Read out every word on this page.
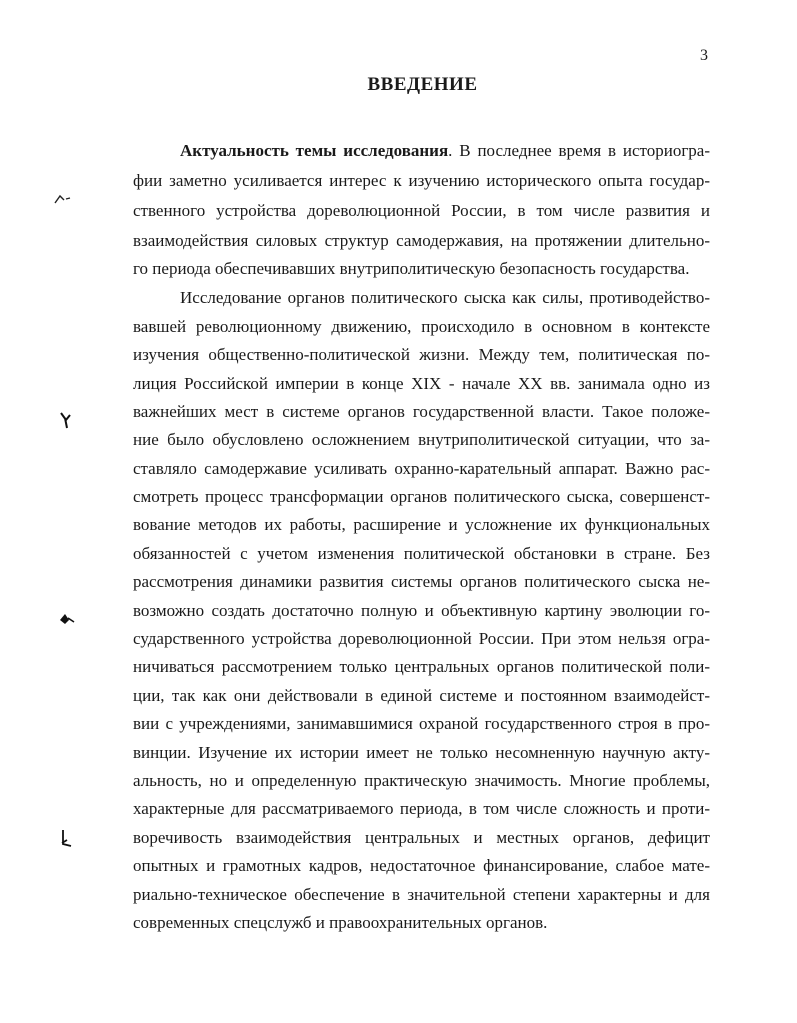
3
ВВЕДЕНИЕ
Актуальность темы исследования. В последнее время в историогра-
фии заметно усиливается интерес к изучению исторического опыта государ-
ственного устройства дореволюционной России, в том числе развития и
взаимодействия силовых структур самодержавия, на протяжении длительно-
го периода обеспечивавших внутриполитическую безопасность государства.
Исследование органов политического сыска как силы, противодейство-
вавшей революционному движению, происходило в основном в контексте
изучения общественно-политической жизни. Между тем, политическая по-
лиция Российской империи в конце XIX - начале XX вв. занимала одно из
важнейших мест в системе органов государственной власти. Такое положе-
ние было обусловлено осложнением внутриполитической ситуации, что за-
ставляло самодержавие усиливать охранно-карательный аппарат. Важно рас-
смотреть процесс трансформации органов политического сыска, совершенст-
вование методов их работы, расширение и усложнение их функциональных
обязанностей с учетом изменения политической обстановки в стране. Без
рассмотрения динамики развития системы органов политического сыска не-
возможно создать достаточно полную и объективную картину эволюции го-
сударственного устройства дореволюционной России. При этом нельзя огра-
ничиваться рассмотрением только центральных органов политической поли-
ции, так как они действовали в единой системе и постоянном взаимодейст-
вии с учреждениями, занимавшимися охраной государственного строя в про-
винции. Изучение их истории имеет не только несомненную научную акту-
альность, но и определенную практическую значимость. Многие проблемы,
характерные для рассматриваемого периода, в том числе сложность и проти-
воречивость взаимодействия центральных и местных органов, дефицит
опытных и грамотных кадров, недостаточное финансирование, слабое мате-
риально-техническое обеспечение в значительной степени характерны и для
современных спецслужб и правоохранительных органов.
